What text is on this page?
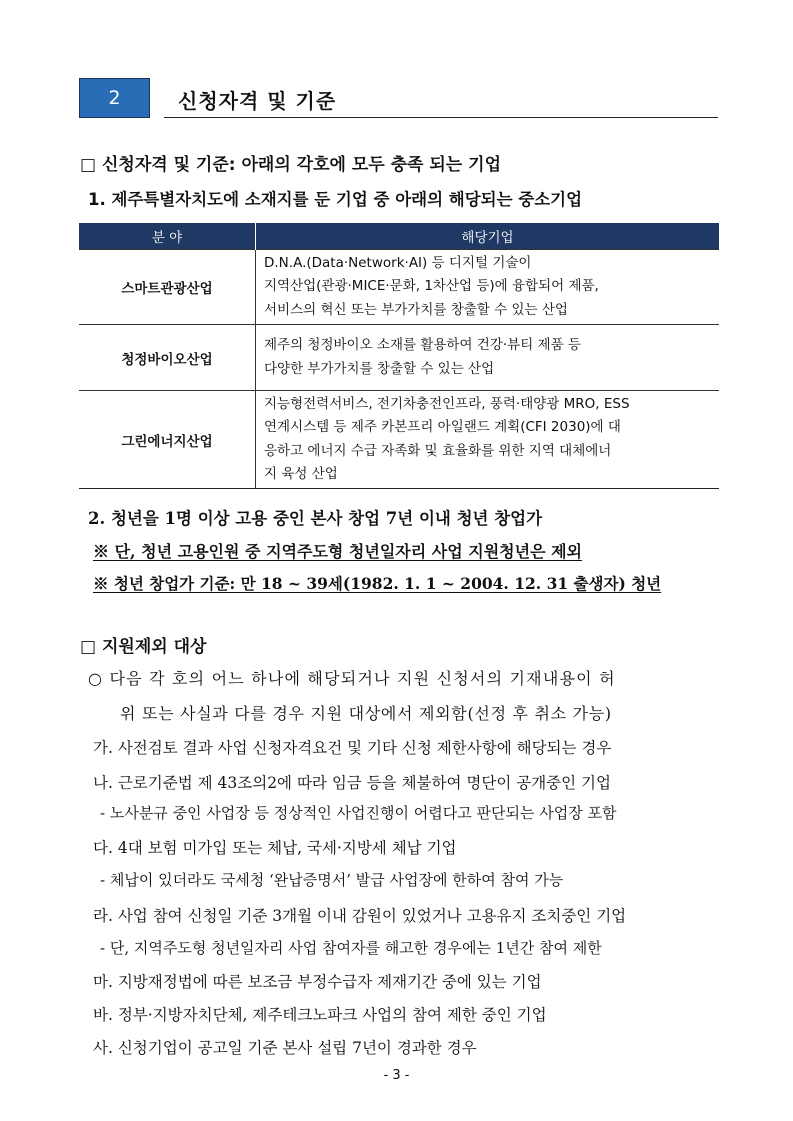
2	신청자격 및 기준
□ 신청자격 및 기준: 아래의 각호에 모두 충족 되는 기업
1. 제주특별자치도에 소재지를 둔 기업 중 아래의 해당되는 중소기업
분 야	해당기업
스마트관광산업	D.N.A.(Data·Network·AI) 등 디지털 기술이
지역산업(관광·MICE·문화, 1차산업 등)에 융합되어 제품,
서비스의 혁신 또는 부가가치를 창출할 수 있는 산업

청정바이오산업	제주의 청정바이오 소재를 활용하여 건강·뷰티 제품 등
다양한 부가가치를 창출할 수 있는 산업

그린에너지산업	지능형전력서비스, 전기차충전인프라, 풍력·태양광 MRO, ESS
연계시스템 등 제주 카본프리 아일랜드 계획(CFI 2030)에 대
응하고 에너지 수급 자족화 및 효율화를 위한 지역 대체에너
지 육성 산업
2. 청년을 1명 이상 고용 중인 본사 창업 7년 이내 청년 창업가
※ 단, 청년 고용인원 중 지역주도형 청년일자리 사업 지원청년은 제외
※ 청년 창업가 기준: 만 18 ~ 39세(1982. 1. 1 ~ 2004. 12. 31 출생자) 청년
□ 지원제외 대상
○ 다음 각 호의 어느 하나에 해당되거나 지원 신청서의 기재내용이 허
위 또는 사실과 다를 경우 지원 대상에서 제외함(선정 후 취소 가능)
가. 사전검토 결과 사업 신청자격요건 및 기타 신청 제한사항에 해당되는 경우
나. 근로기준법 제 43조의2에 따라 임금 등을 체불하여 명단이 공개중인 기업
- 노사분규 중인 사업장 등 정상적인 사업진행이 어렵다고 판단되는 사업장 포함
다. 4대 보험 미가입 또는 체납, 국세·지방세 체납 기업
- 체납이 있더라도 국세청 ‘완납증명서’ 발급 사업장에 한하여 참여 가능
라. 사업 참여 신청일 기준 3개월 이내 감원이 있었거나 고용유지 조치중인 기업
- 단, 지역주도형 청년일자리 사업 참여자를 해고한 경우에는 1년간 참여 제한
마. 지방재정법에 따른 보조금 부정수급자 제재기간 중에 있는 기업
바. 정부·지방자치단체, 제주테크노파크 사업의 참여 제한 중인 기업
사. 신청기업이 공고일 기준 본사 설립 7년이 경과한 경우
- 3 -
